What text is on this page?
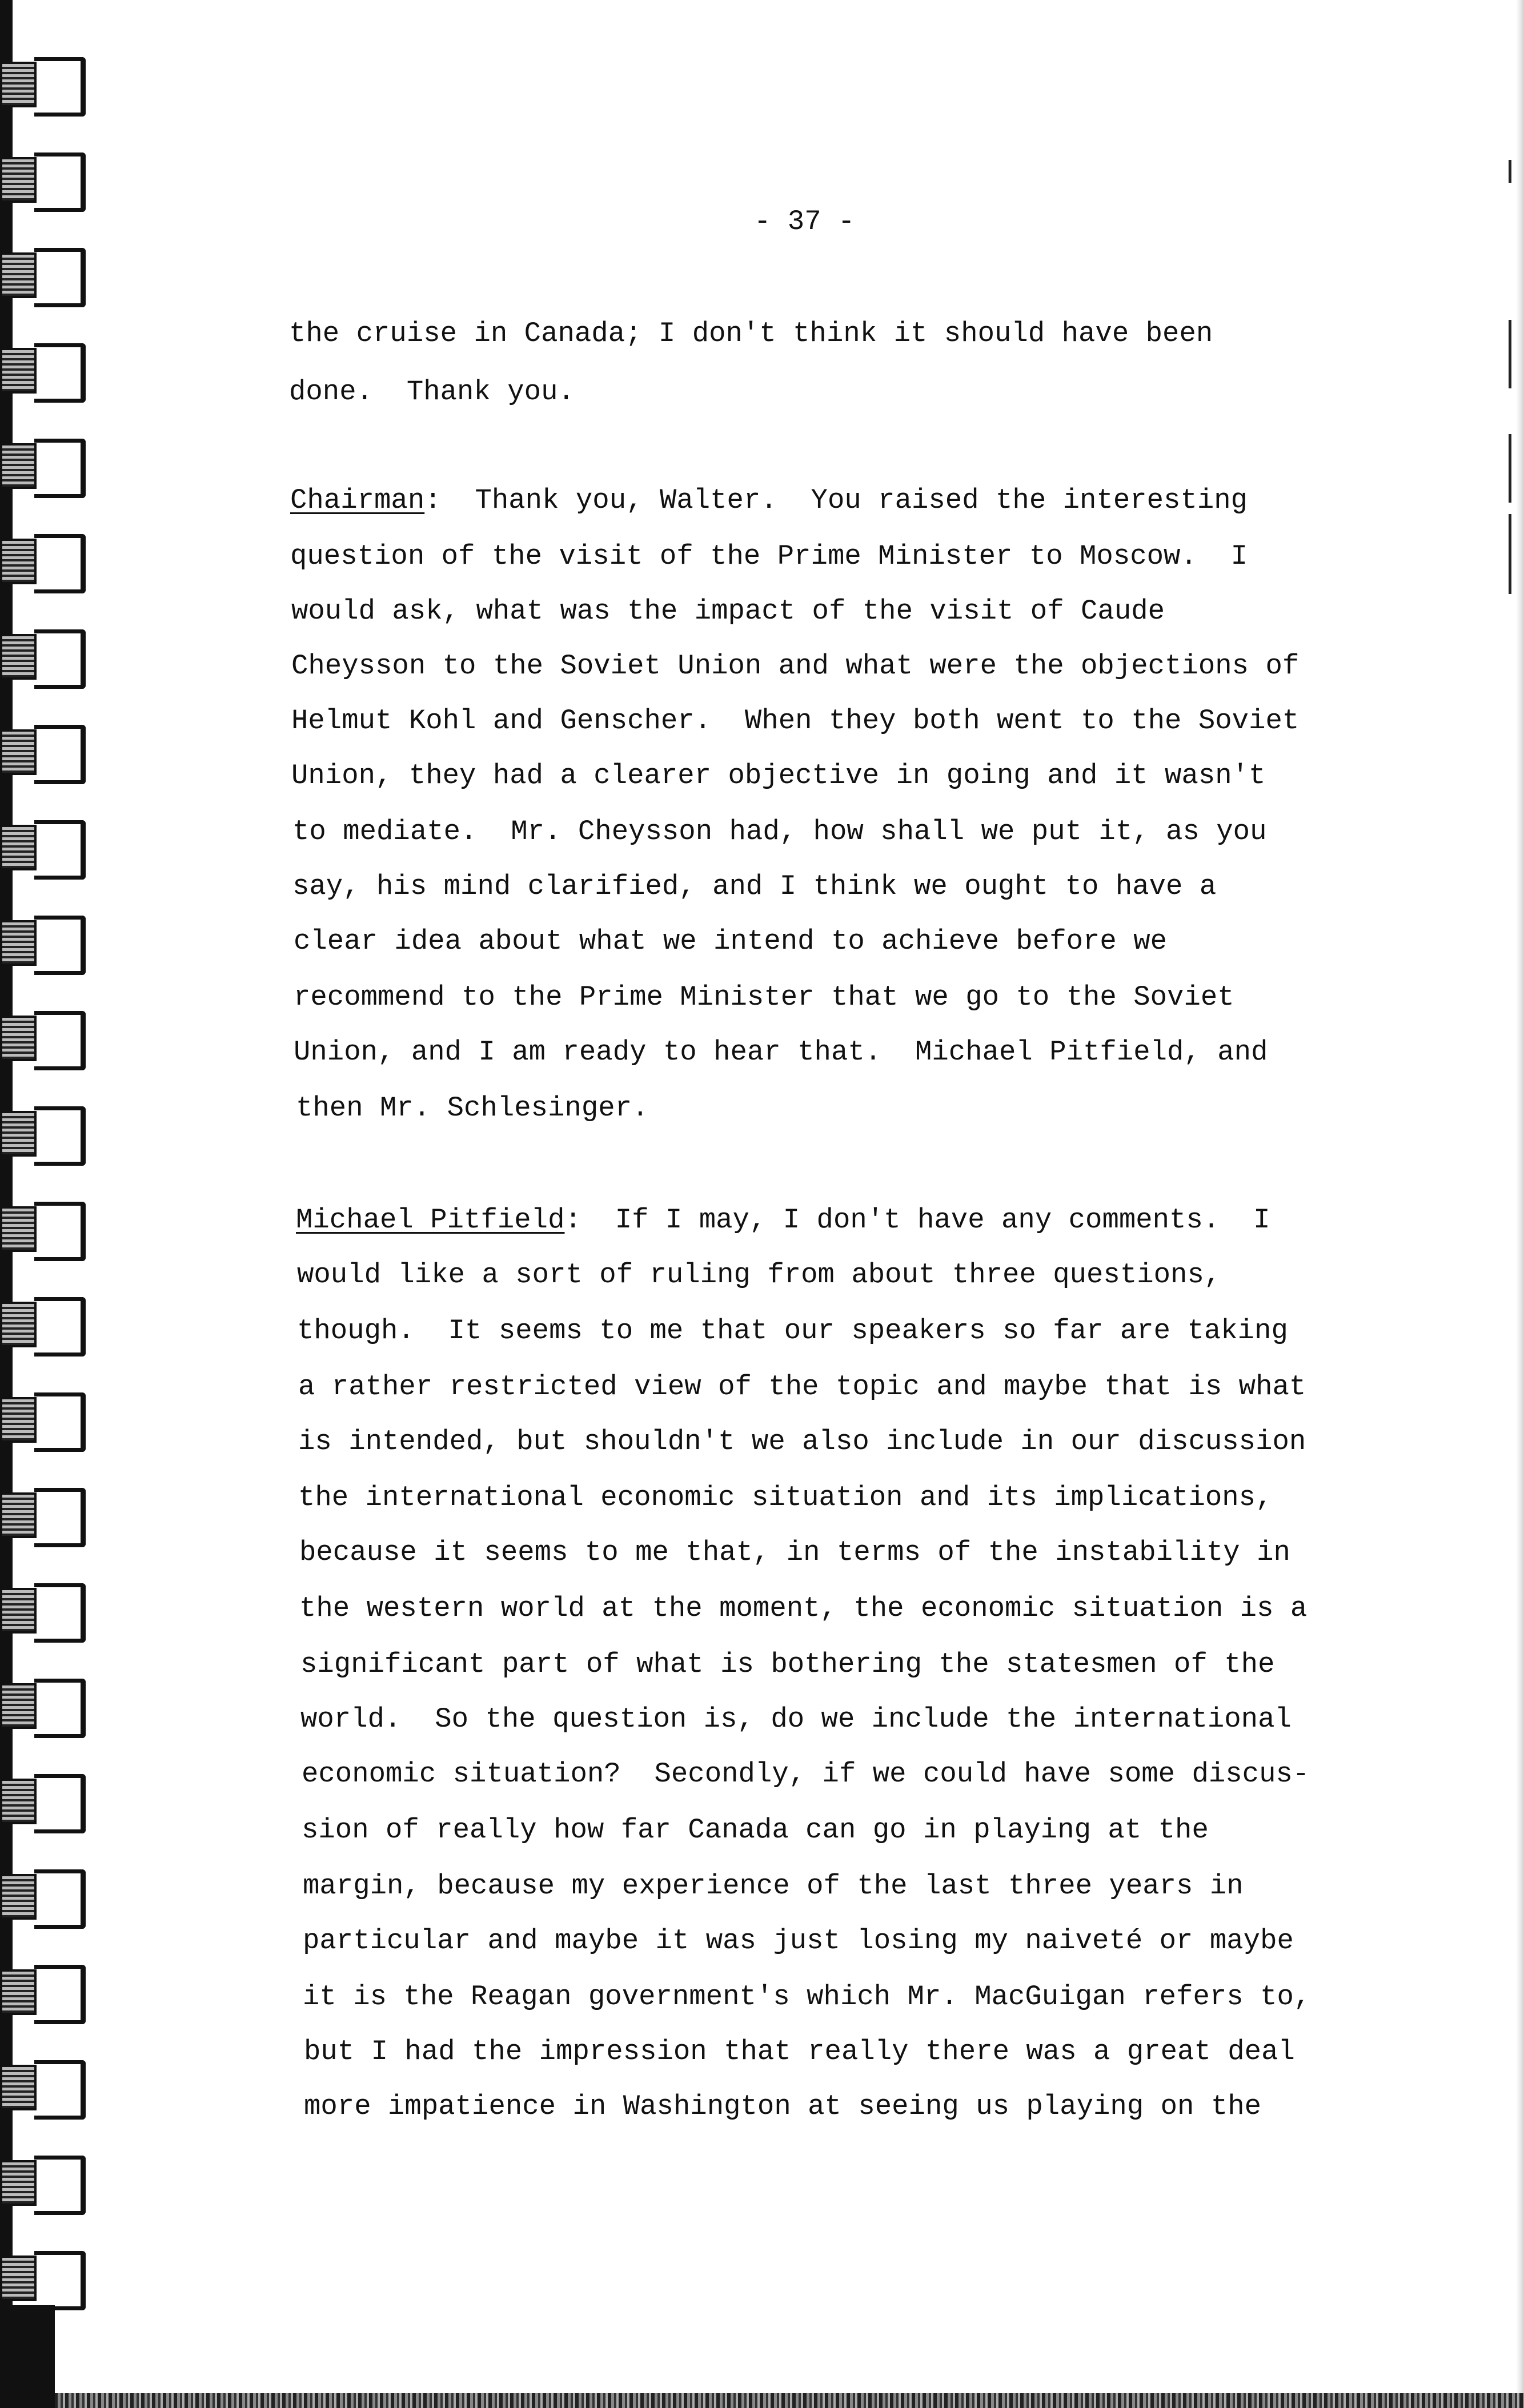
- 37 -
the cruise in Canada; I don't think it should have been
done.  Thank you.
Chairman:  Thank you, Walter.  You raised the interesting
question of the visit of the Prime Minister to Moscow.  I
would ask, what was the impact of the visit of Caude
Cheysson to the Soviet Union and what were the objections of
Helmut Kohl and Genscher.  When they both went to the Soviet
Union, they had a clearer objective in going and it wasn't
to mediate.  Mr. Cheysson had, how shall we put it, as you
say, his mind clarified, and I think we ought to have a
clear idea about what we intend to achieve before we
recommend to the Prime Minister that we go to the Soviet
Union, and I am ready to hear that.  Michael Pitfield, and
then Mr. Schlesinger.
Michael Pitfield:  If I may, I don't have any comments.  I
would like a sort of ruling from about three questions,
though.  It seems to me that our speakers so far are taking
a rather restricted view of the topic and maybe that is what
is intended, but shouldn't we also include in our discussion
the international economic situation and its implications,
because it seems to me that, in terms of the instability in
the western world at the moment, the economic situation is a
significant part of what is bothering the statesmen of the
world.  So the question is, do we include the international
economic situation?  Secondly, if we could have some discus-
sion of really how far Canada can go in playing at the
margin, because my experience of the last three years in
particular and maybe it was just losing my naiveté or maybe
it is the Reagan government's which Mr. MacGuigan refers to,
but I had the impression that really there was a great deal
more impatience in Washington at seeing us playing on the
